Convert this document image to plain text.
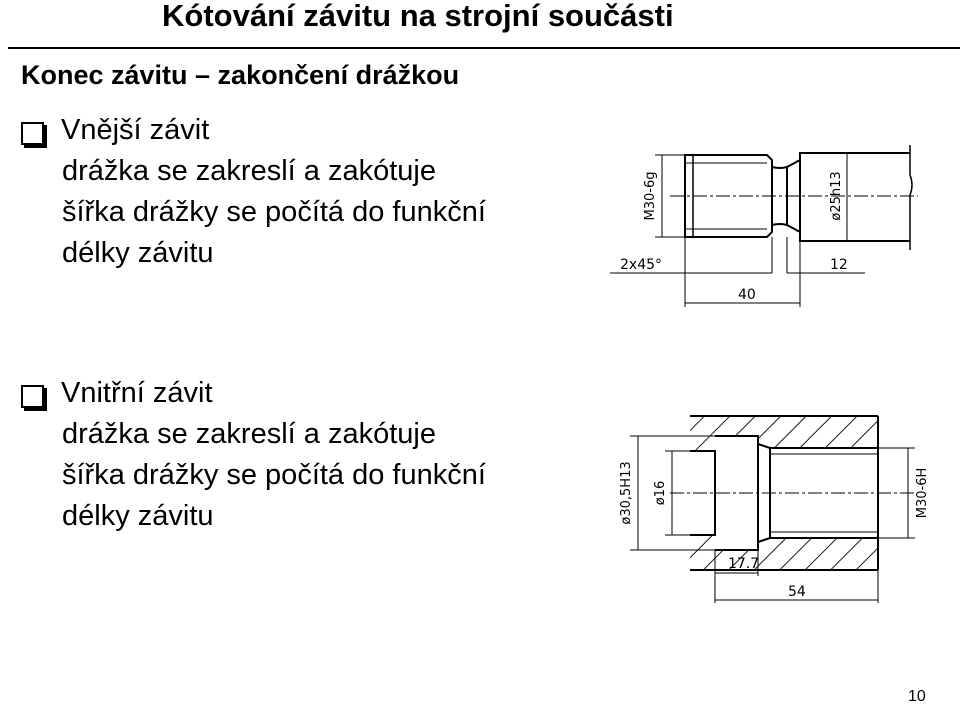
Kótování závitu na strojní součásti
Konec závitu – zakončení drážkou
Vnější závit
drážka se zakreslí a zakótuje
šířka drážky se počítá do funkční
délky závitu
Vnitřní závit
drážka se zakreslí a zakótuje
šířka drážky se počítá do funkční
délky závitu
M30-6g	ø25h13
2x45°	12
40
ø30,5H13 ø16	M30-6H
17.7
54
10
